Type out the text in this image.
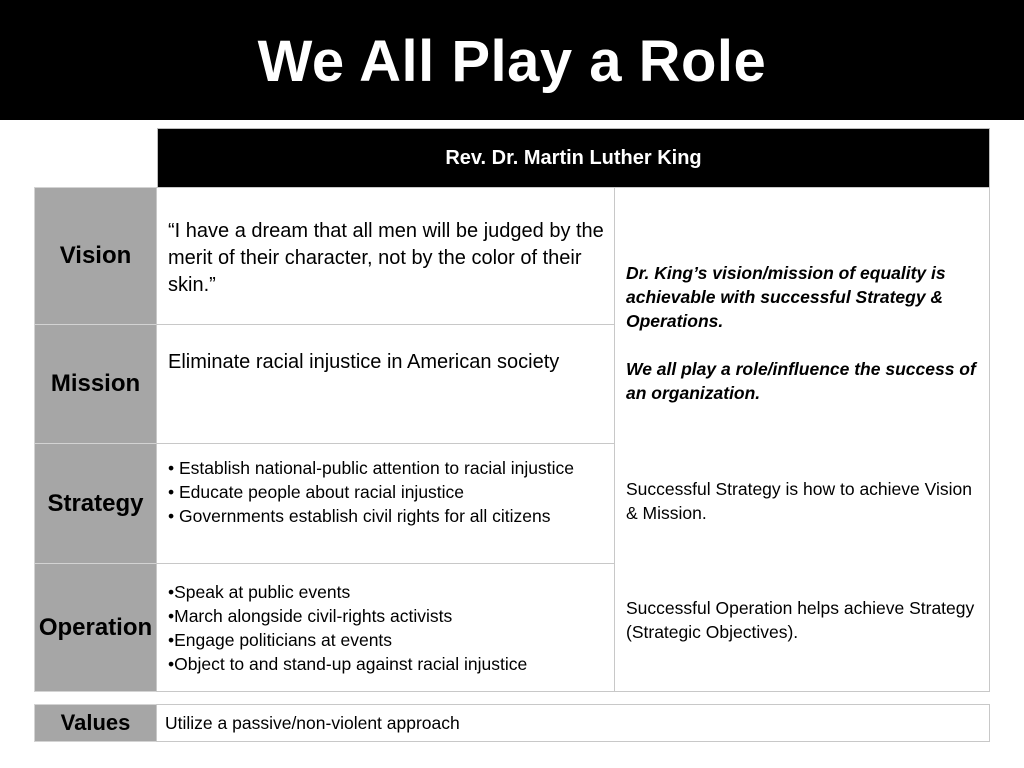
We All Play a Role
Rev. Dr. Martin Luther King
Vision
“I have a dream that all men will be judged by the merit of their character, not by the color of their skin.”
Mission
Eliminate racial injustice in American society
Strategy
• Establish national-public attention to racial injustice
• Educate people about racial injustice
• Governments establish civil rights for all citizens
Operation
•Speak at public events
•March alongside civil-rights activists
•Engage politicians at events
•Object to and stand-up against racial injustice
Dr. King’s vision/mission of equality is achievable with successful Strategy & Operations.
We all play a role/influence the success of an organization.
Successful Strategy is how to achieve Vision & Mission.
Successful Operation helps achieve Strategy (Strategic Objectives).
Values	Utilize a passive/non-violent approach
